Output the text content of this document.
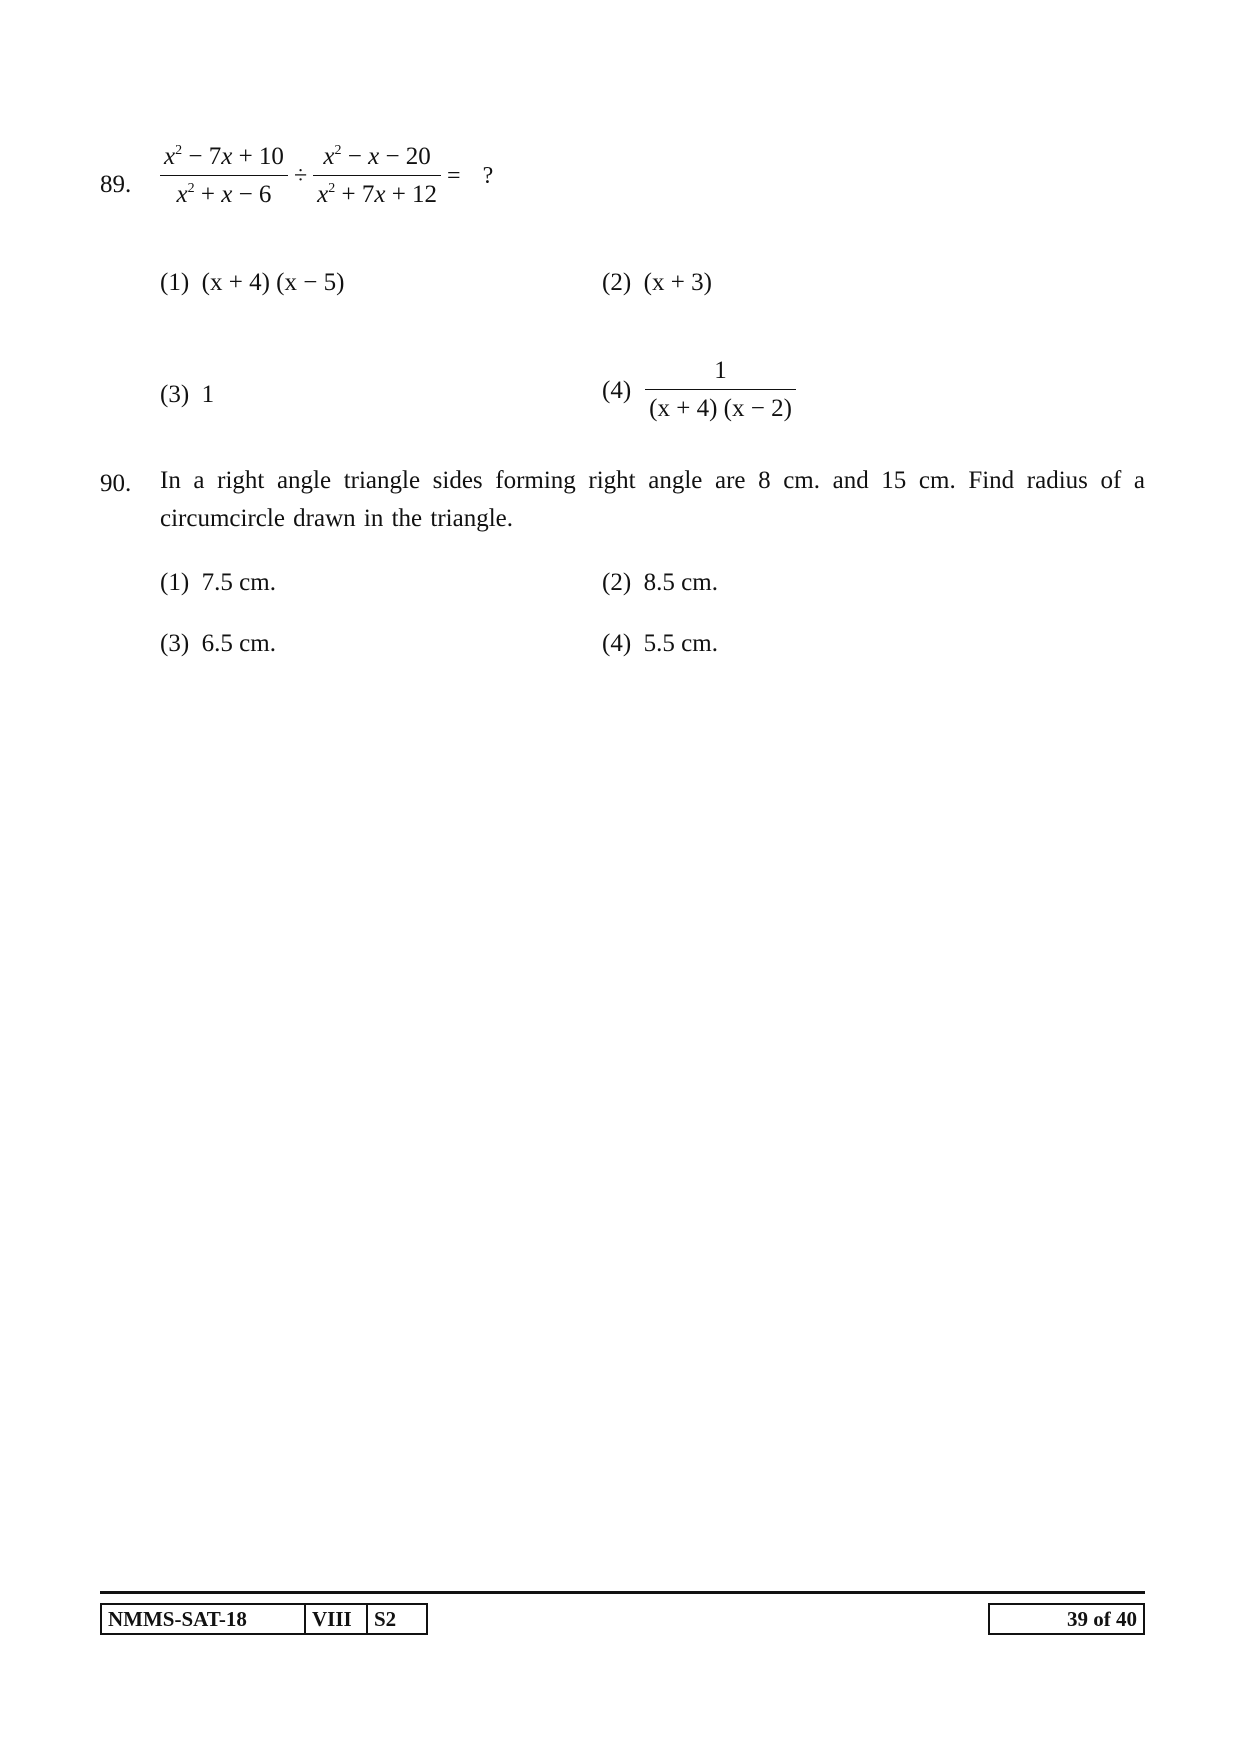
89. $\frac{x^2 - 7x + 10}{x^2 + x - 6} \div \frac{x^2 - x - 20}{x^2 + 7x + 12}$ = ?
(1) (x + 4) (x − 5)	(2) (x + 3)
(3) 1	$(4) \frac{1}{(x + 4) (x - 2)}$
90. In a right angle triangle sides forming right angle are 8 cm. and 15 cm. Find radius of a circumcircle drawn in the triangle.
(1) 7.5 cm.	(2) 8.5 cm.
(3) 6.5 cm.	(4) 5.5 cm.
NMMS-SAT-18	VIII	S2	39 of 40
